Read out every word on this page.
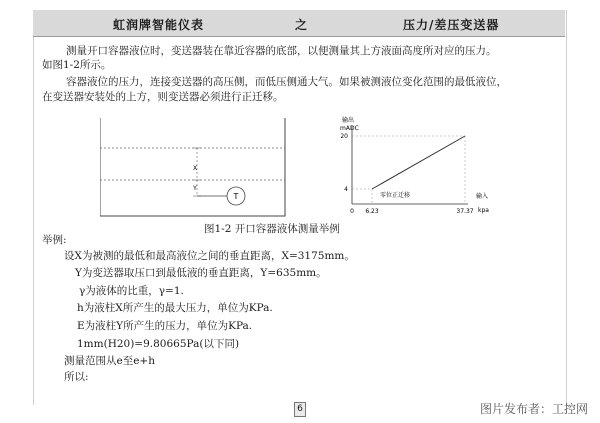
虹润牌智能仪表	之	压力/差压变送器
测量开口容器液位时，变送器装在靠近容器的底部，以便测量其上方液面高度所对应的压力。
如图1-2所示。
容器液位的压力，连接变送器的高压侧，而低压侧通大气。如果被测液位变化范围的最低液位，
在变送器安装处的上方，则变送器必须进行正迁移。
X
Y
T
输出
mADC
20
4
0 6.23	37.37
零位正迁移	输入
kpa
图1-2 开口容器液体测量举例
举例:
设X为被测的最低和最高液位之间的垂直距离，X=3175mm。
Y为变送器取压口到最低液的垂直距离，Y=635mm。
γ为液体的比重，γ=1.
h为液柱X所产生的最大压力，单位为KPa.
E为液柱Y所产生的压力，单位为KPa.
1mm(H20)=9.80665Pa(以下同)
测量范围从e至e+h
所以:
6	图片发布者：工控网
